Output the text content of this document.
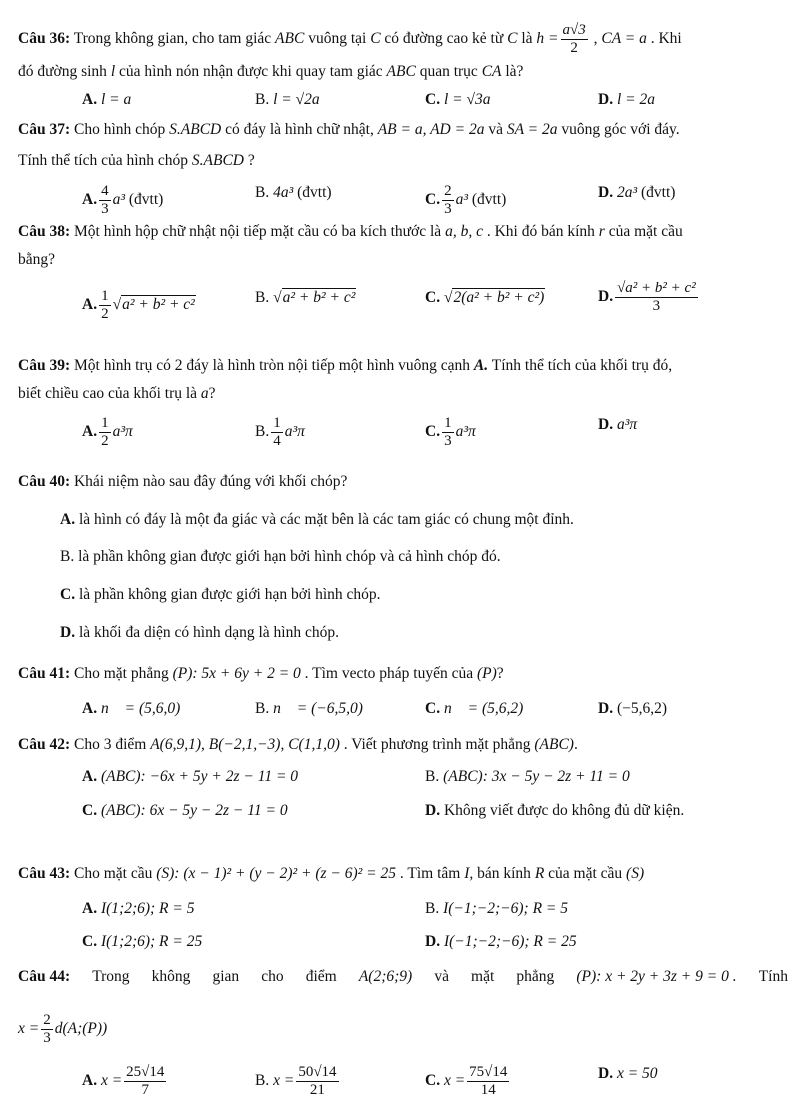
Câu 36: Trong không gian, cho tam giác ABC vuông tại C có đường cao kẻ từ C là $h = \frac{a√3}{2}$ , CA = a . Khi
đó đường sinh l của hình nón nhận được khi quay tam giác ABC quan trục CA là?
A. l = a	B. l = √2a	C. l = √3a	D. l = 2a
Câu 37: Cho hình chóp S.ABCD có đáy là hình chữ nhật, AB = a, AD = 2a và SA = 2a vuông góc với đáy.
Tính thể tích của hình chóp S.ABCD ?
A. $\frac{4}{3} a^3$ (đvtt)	B. 4a³ (đvtt)	C. $\frac{2}{3} a^3$ (đvtt)	D. 2a³ (đvtt)
Câu 38: Một hình hộp chữ nhật nội tiếp mặt cầu có ba kích thước là a, b, c . Khi đó bán kính r của mặt cầu
bằng?
A. $\frac{1}{2} √a^2 + b^2 + c^2$	B. √a² + b² + c²	C. √2(a² + b² + c²)	D. $\frac{\text{√a² + b² + c²}}{3}$
Câu 39: Một hình trụ có 2 đáy là hình tròn nội tiếp một hình vuông cạnh A. Tính thể tích của khối trụ đó,
biết chiều cao của khối trụ là a?
A. $\frac{1}{2} a^3\pi$	B. $\frac{1}{4} a^3\pi$	C. $\frac{1}{3} a^3\pi$	D. a³π
Câu 40: Khái niệm nào sau đây đúng với khối chóp?
A. là hình có đáy là một đa giác và các mặt bên là các tam giác có chung một đỉnh.
B. là phần không gian được giới hạn bởi hình chóp và cả hình chóp đó.
C. là phần không gian được giới hạn bởi hình chóp.
D. là khối đa diện có hình dạng là hình chóp.
Câu 41: Cho mặt phẳng (P): 5x + 6y + 2 = 0 . Tìm vecto pháp tuyến của (P)?
A. n⃗ = (5,6,0)	B. n⃗ = (−6,5,0)	C. n⃗ = (5,6,2)	D. (−5,6,2)
Câu 42: Cho 3 điểm A(6,9,1), B(−2,1,−3), C(1,1,0) . Viết phương trình mặt phẳng (ABC).
A. (ABC): −6x + 5y + 2z − 11 = 0	B. (ABC): 3x − 5y − 2z + 11 = 0
C. (ABC): 6x − 5y − 2z − 11 = 0	D. Không viết được do không đủ dữ kiện.
Câu 43: Cho mặt cầu (S): (x − 1)² + (y − 2)² + (z − 6)² = 25 . Tìm tâm I, bán kính R của mặt cầu (S)
A. I(1;2;6); R = 5	B. I(−1;−2;−6); R = 5
C. I(1;2;6); R = 25	D. I(−1;−2;−6); R = 25
Câu 44: Trong không gian cho điểm A(2;6;9) và mặt phẳng (P): x + 2y + 3z + 9 = 0 . Tính
$x = \frac{2}{3}$ d(A;(P))
A. $x = \frac{25√14}{7}$	B. $x = \frac{50√14}{21}$	C. $x = \frac{75√14}{14}$	D. x = 50
